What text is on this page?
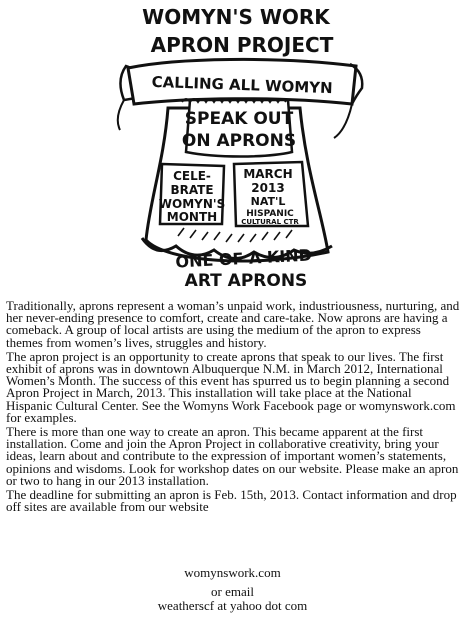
WOMYN'S WORK
APRON PROJECT
CALLING ALL WOMYN
SPEAK OUT
ON APRONS
CELE-
BRATE
WOMYN'S
MONTH
MARCH
2013
NAT'L
HISPANIC
CULTURAL CTR
ONE OF A KIND
ART APRONS

Traditionally, aprons represent a woman’s unpaid work, industriousness, nurturing, and her never-ending presence to comfort, create and care-take. Now aprons are having a comeback. A group of local artists are using the medium of the apron to express themes from women’s lives, struggles and history.

The apron project is an opportunity to create aprons that speak to our lives. The first exhibit of aprons was in downtown Albuquerque N.M. in March 2012, International Women’s Month. The success of this event has spurred us to begin planning a second Apron Project in March, 2013. This installation will take place at the National Hispanic Cultural Center. See the Womyns Work Facebook page or womynswork.com for examples.

There is more than one way to create an apron. This became apparent at the first installation. Come and join the Apron Project in collaborative creativity, bring your ideas, learn about and contribute to the expression of important women’s statements, opinions and wisdoms. Look for workshop dates on our website. Please make an apron or two to hang in our 2013 installation.

The deadline for submitting an apron is Feb. 15th, 2013. Contact information and drop off sites are available from our website

womynswork.com
or email
weatherscf at yahoo dot com
